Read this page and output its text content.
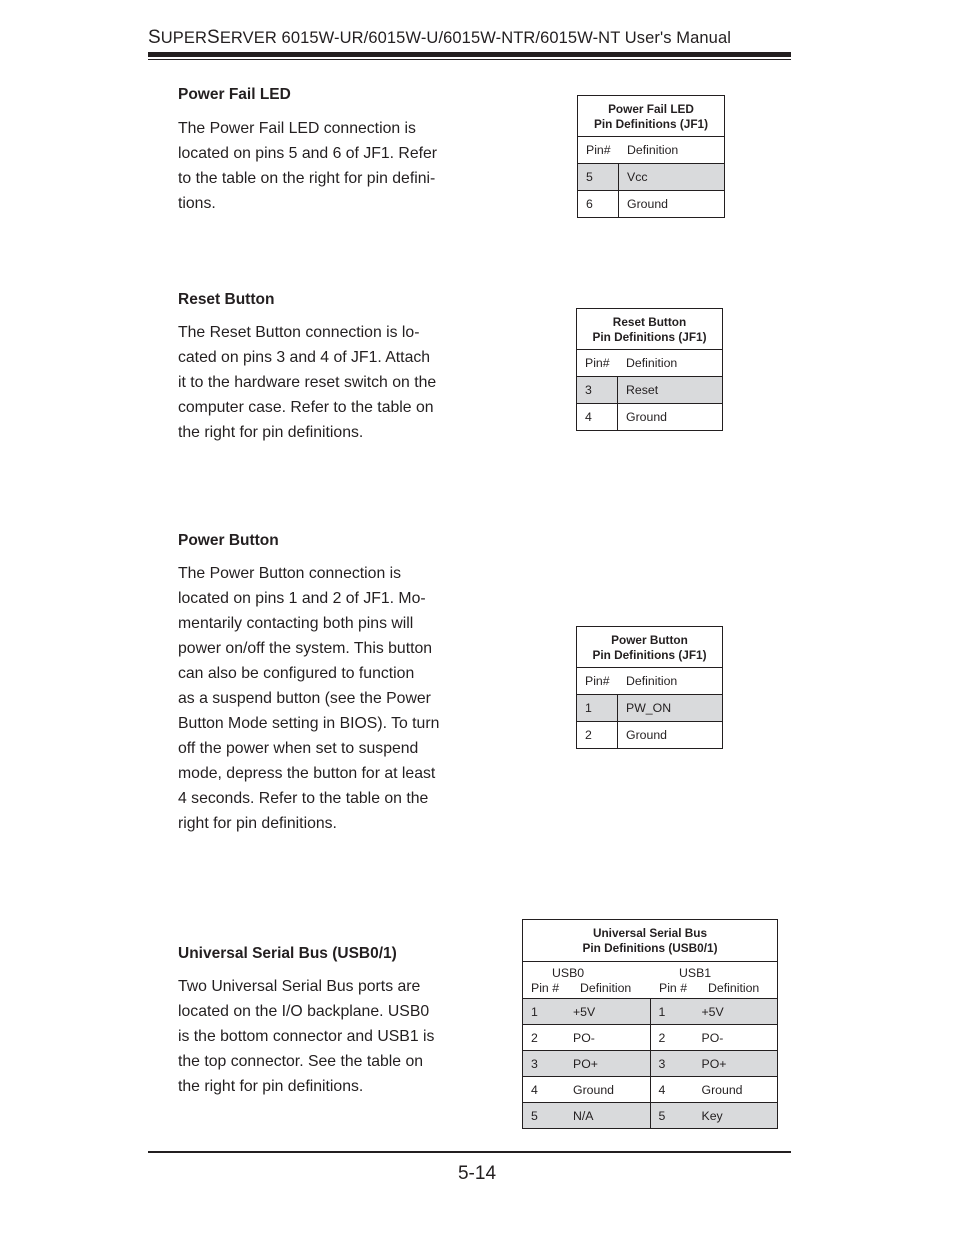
SUPERSERVER 6015W-UR/6015W-U/6015W-NTR/6015W-NT User's Manual
Power Fail LED
The Power Fail LED connection is
located on pins 5 and 6 of JF1. Refer
to the table on the right for pin defini-
tions.
Power Fail LED
Pin Definitions (JF1)
Pin#	Definition
5	Vcc
6	Ground
Reset Button
The Reset Button connection is lo-
cated on pins 3 and 4 of JF1. Attach
it to the hardware reset switch on the
computer case. Refer to the table on
the right for pin definitions.
Reset Button
Pin Definitions (JF1)
Pin#	Definition
3	Reset
4	Ground
Power Button
The Power Button connection is
located on pins 1 and 2 of JF1. Mo-
mentarily contacting both pins will
power on/off the system. This button
can also be configured to function
as a suspend button (see the Power
Button Mode setting in BIOS). To turn
off the power when set to suspend
mode, depress the button for at least
4 seconds. Refer to the table on the
right for pin definitions.
Power Button
Pin Definitions (JF1)
Pin#	Definition
1	PW_ON
2	Ground
Universal Serial Bus (USB0/1)
Two Universal Serial Bus ports are
located on the I/O backplane. USB0
is the bottom connector and USB1 is
the top connector. See the table on
the right for pin definitions.
Universal Serial Bus
Pin Definitions (USB0/1)
USB0	USB1
Pin # Definition Pin # Definition
1	+5V	1	+5V
2	PO-	2	PO-
3	PO+	3	PO+
4	Ground	4	Ground
5	N/A	5	Key
5-14
